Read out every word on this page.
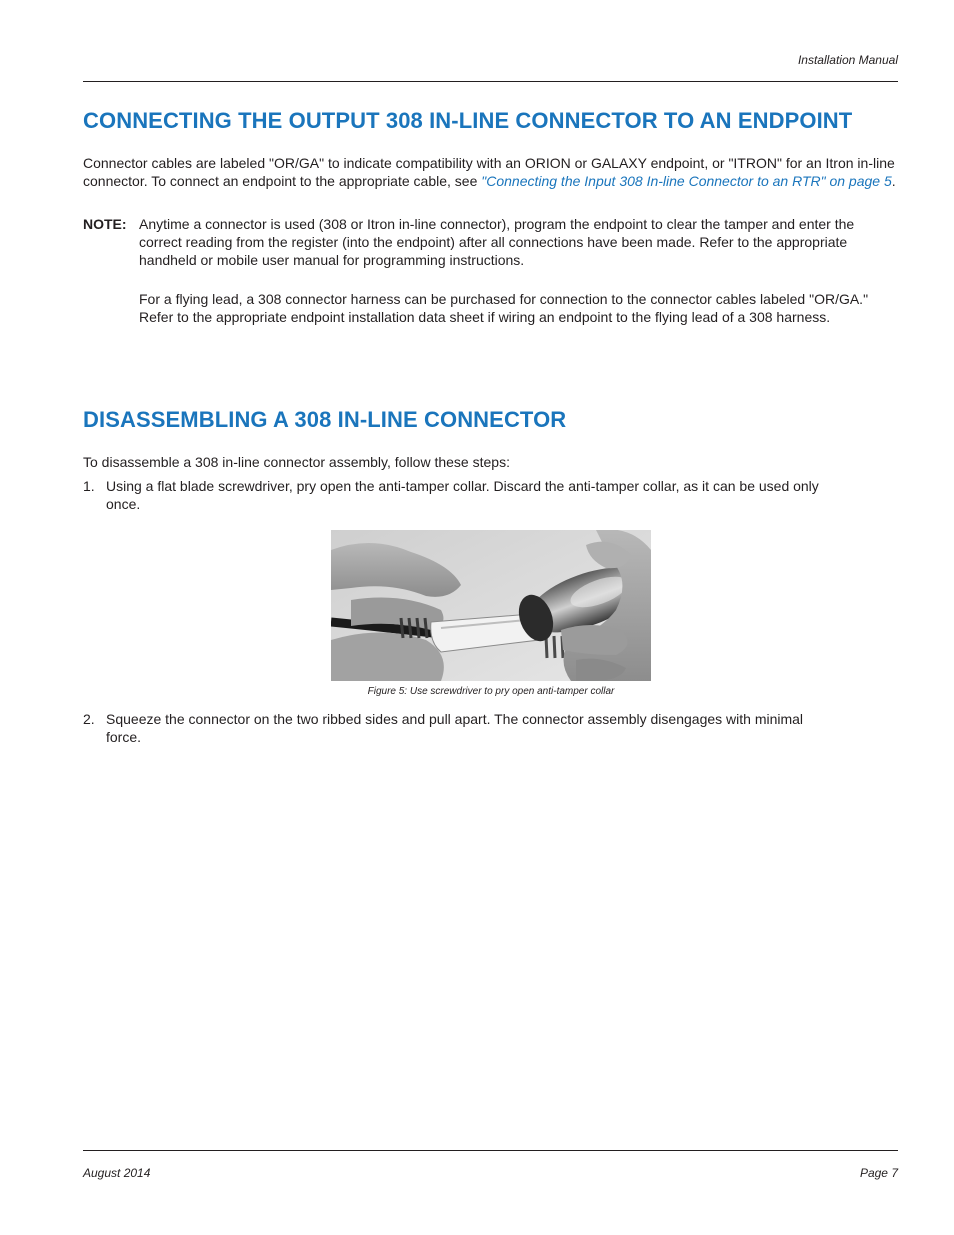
Installation Manual
CONNECTING THE OUTPUT 308 IN-LINE CONNECTOR TO AN ENDPOINT

Connector cables are labeled "OR/GA" to indicate compatibility with an ORION or GALAXY endpoint, or "ITRON" for an Itron in-line connector. To connect an endpoint to the appropriate cable, see "Connecting the Input 308 In-line Connector to an RTR" on page 5.

NOTE: Anytime a connector is used (308 or Itron in-line connector), program the endpoint to clear the tamper and enter the correct reading from the register (into the endpoint) after all connections have been made. Refer to the appropriate handheld or mobile user manual for programming instructions.

For a flying lead, a 308 connector harness can be purchased for connection to the connector cables labeled "OR/GA." Refer to the appropriate endpoint installation data sheet if wiring an endpoint to the flying lead of a 308 harness.

DISASSEMBLING A 308 IN-LINE CONNECTOR

To disassemble a 308 in-line connector assembly, follow these steps:

1. Using a flat blade screwdriver, pry open the anti-tamper collar. Discard the anti-tamper collar, as it can be used only once.
Figure 5: Use screwdriver to pry open anti-tamper collar
2. Squeeze the connector on the two ribbed sides and pull apart. The connector assembly disengages with minimal force.
August 2014	Page 7
